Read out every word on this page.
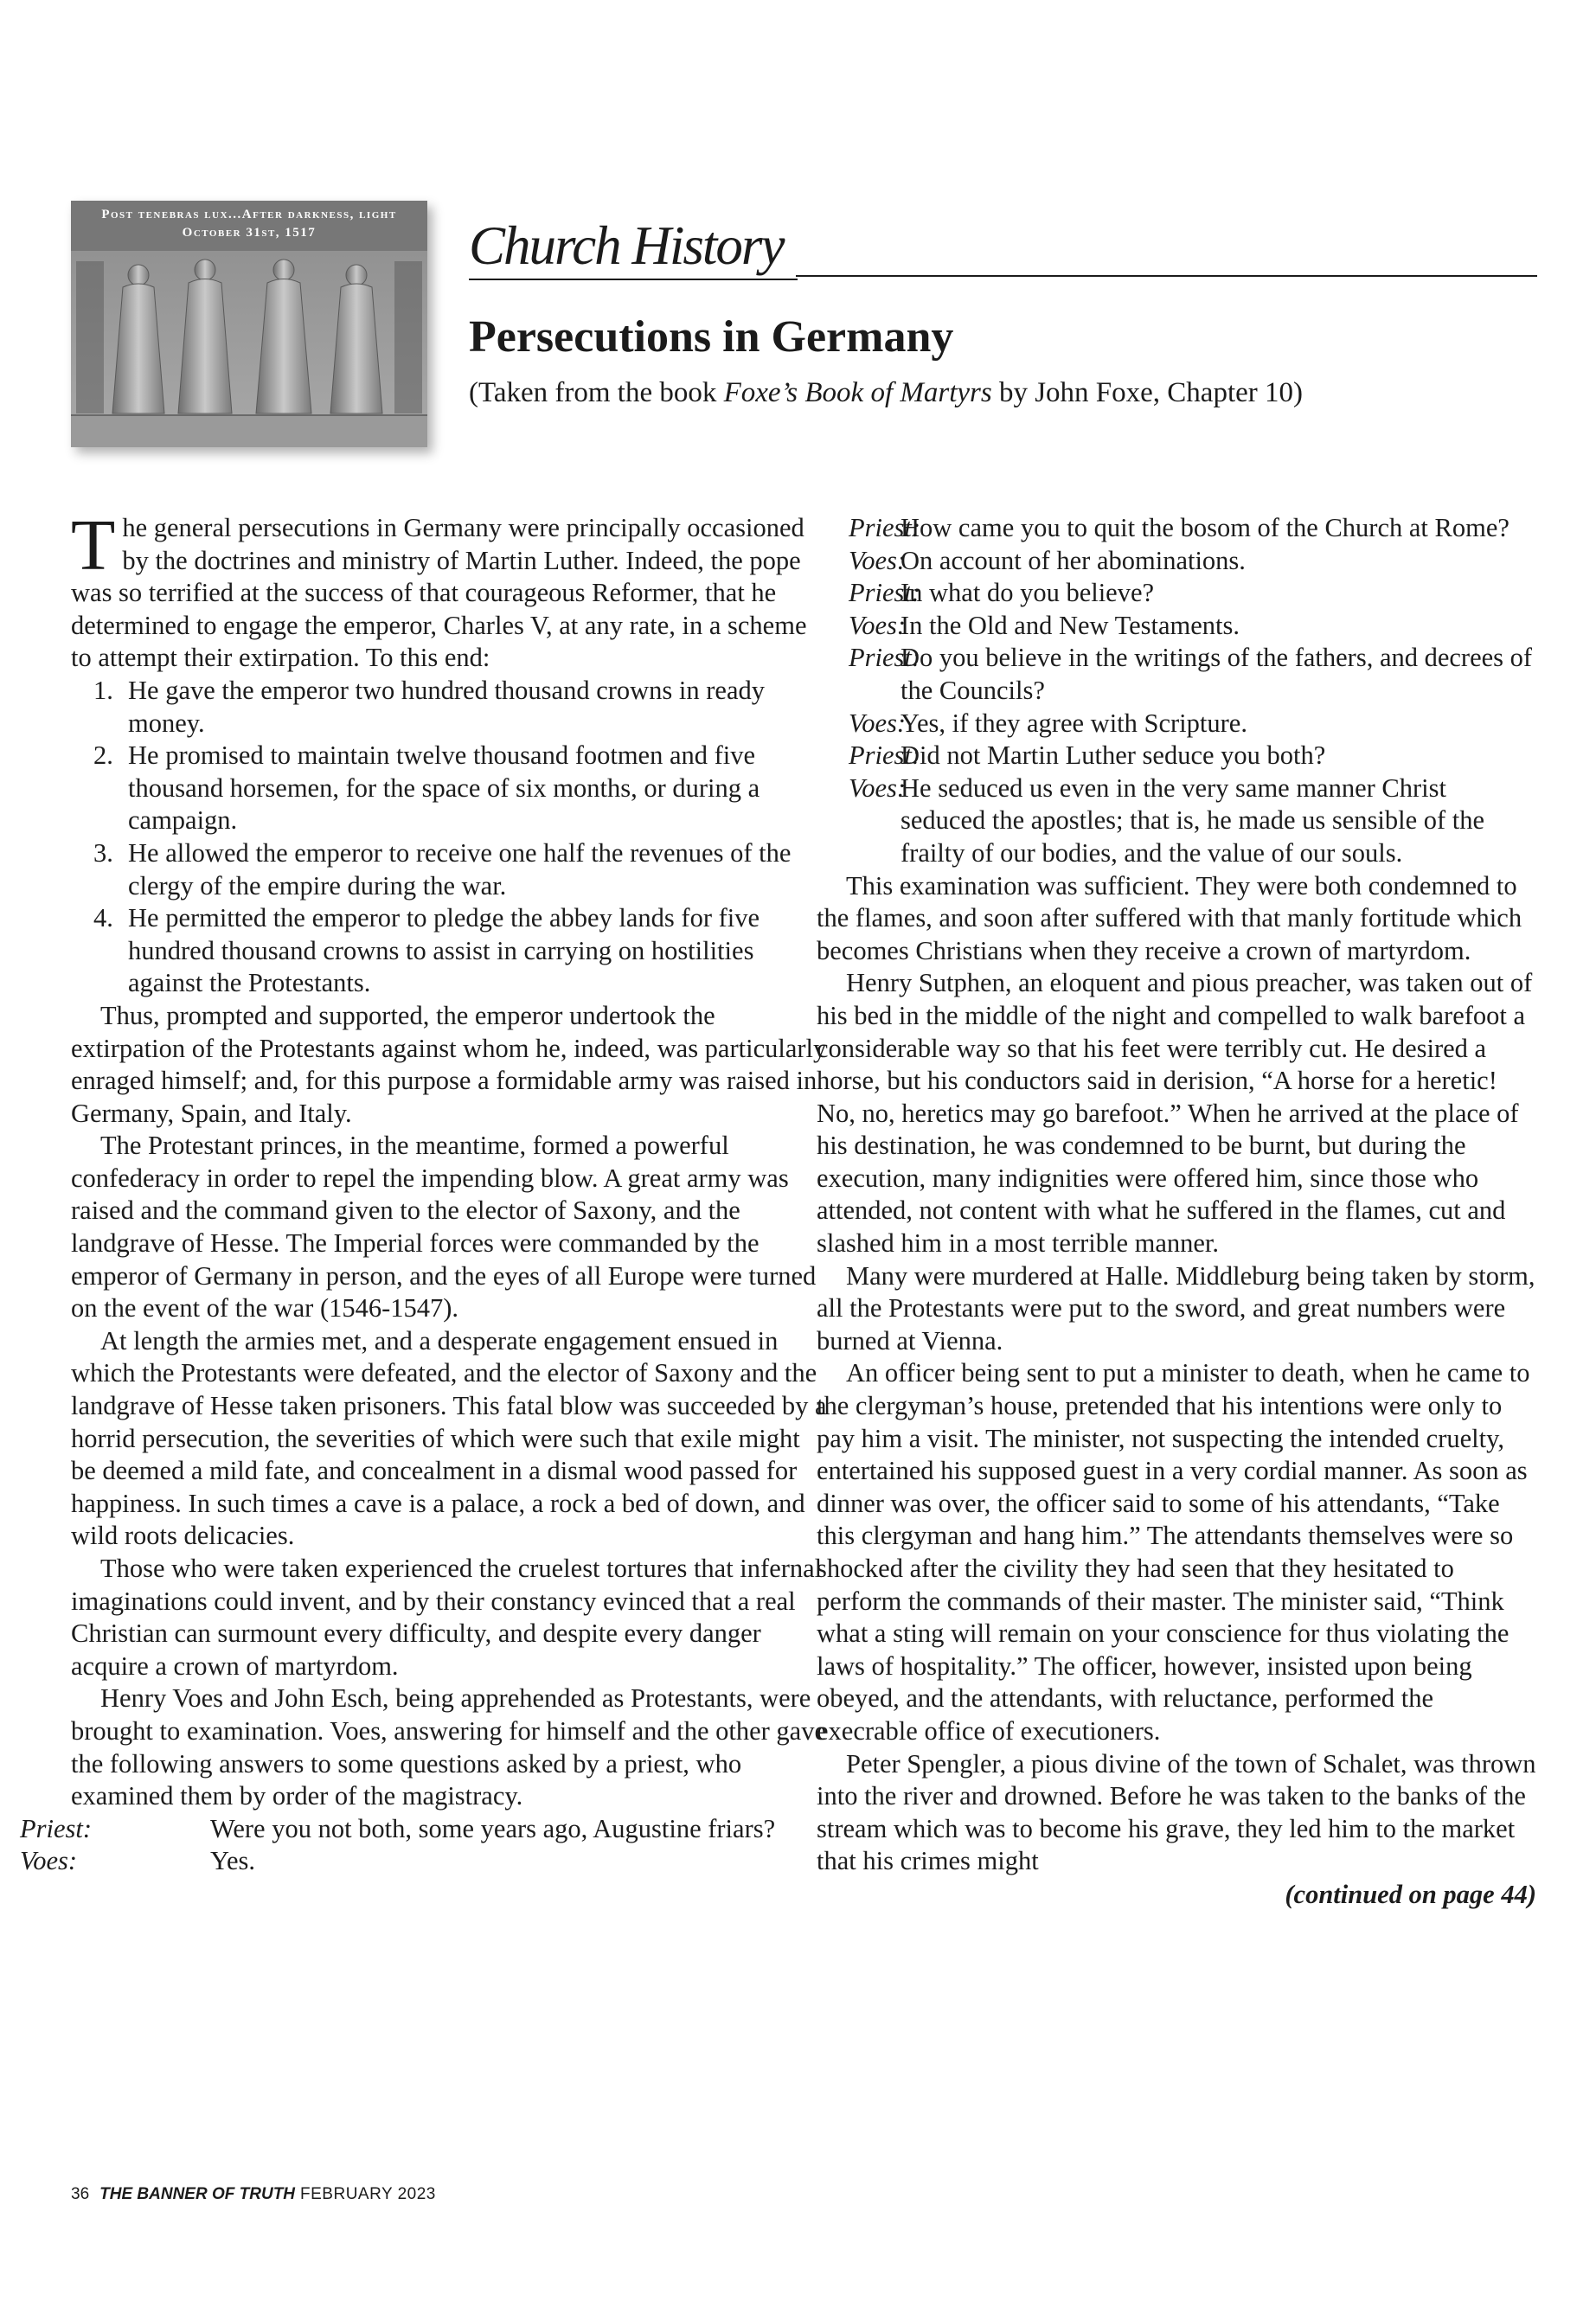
Post tenebras lux...After darkness, light
October 31st, 1517	Church History
Persecutions in Germany
(Taken from the book Foxe’s Book of Martyrs by John Foxe, Chapter 10)

The general persecutions in Germany were principally occasioned by the doctrines and ministry of Martin Luther. Indeed, the pope was so terrified at the success of that courageous Reformer, that he determined to engage the emperor, Charles V, at any rate, in a scheme to attempt their extirpation. To this end:

1. He gave the emperor two hundred thousand crowns in ready money.
2. He promised to maintain twelve thousand footmen and five thousand horsemen, for the space of six months, or during a campaign.
3. He allowed the emperor to receive one half the revenues of the clergy of the empire during the war.
4. He permitted the emperor to pledge the abbey lands for five hundred thousand crowns to assist in carrying on hostilities against the Protestants.

Thus, prompted and supported, the emperor undertook the extirpation of the Protestants against whom he, indeed, was particularly enraged himself; and, for this purpose a formidable army was raised in Germany, Spain, and Italy.

The Protestant princes, in the meantime, formed a powerful confederacy in order to repel the impending blow. A great army was raised and the command given to the elector of Saxony, and the landgrave of Hesse. The Imperial forces were commanded by the emperor of Germany in person, and the eyes of all Europe were turned on the event of the war (1546-1547).

At length the armies met, and a desperate engagement ensued in which the Protestants were defeated, and the elector of Saxony and the landgrave of Hesse taken prisoners. This fatal blow was succeeded by a horrid persecution, the severities of which were such that exile might be deemed a mild fate, and concealment in a dismal wood passed for happiness. In such times a cave is a palace, a rock a bed of down, and wild roots delicacies.

Those who were taken experienced the cruelest tortures that infernal imaginations could invent, and by their constancy evinced that a real Christian can surmount every difficulty, and despite every danger acquire a crown of martyrdom.

Henry Voes and John Esch, being apprehended as Protestants, were brought to examination. Voes, answering for himself and the other gave the following answers to some questions asked by a priest, who examined them by order of the magistracy.

Priest:	Were you not both, some years ago, Augustine friars?
Voes:	Yes.
Priest:
How came you to quit the bosom of the Church at Rome?
Voes:
On account of her abominations.
Priest:
In what do you believe?
Voes:
In the Old and New Testaments.
Priest:
Do you believe in the writings of the fathers, and decrees of the Councils?
Voes:
Yes, if they agree with Scripture.
Priest:
Did not Martin Luther seduce you both?
Voes:
He seduced us even in the very same manner Christ seduced the apostles; that is, he made us sensible of the frailty of our bodies, and the value of our souls.

This examination was sufficient. They were both condemned to the flames, and soon after suffered with that manly fortitude which becomes Christians when they receive a crown of martyrdom.

Henry Sutphen, an eloquent and pious preacher, was taken out of his bed in the middle of the night and compelled to walk barefoot a considerable way so that his feet were terribly cut. He desired a horse, but his conductors said in derision, “A horse for a heretic! No, no, heretics may go barefoot.” When he arrived at the place of his destination, he was condemned to be burnt, but during the execution, many indignities were offered him, since those who attended, not content with what he suffered in the flames, cut and slashed him in a most terrible manner.

Many were murdered at Halle. Middleburg being taken by storm, all the Protestants were put to the sword, and great numbers were burned at Vienna.

An officer being sent to put a minister to death, when he came to the clergyman’s house, pretended that his intentions were only to pay him a visit. The minister, not suspecting the intended cruelty, entertained his supposed guest in a very cordial manner. As soon as dinner was over, the officer said to some of his attendants, “Take this clergyman and hang him.” The attendants themselves were so shocked after the civility they had seen that they hesitated to perform the commands of their master. The minister said, “Think what a sting will remain on your conscience for thus violating the laws of hospitality.” The officer, however, insisted upon being obeyed, and the attendants, with reluctance, performed the execrable office of executioners.

Peter Spengler, a pious divine of the town of Schalet, was thrown into the river and drowned. Before he was taken to the banks of the stream which was to become his grave, they led him to the market that his crimes might

(continued on page 44)
36 THE BANNER OF TRUTH FEBRUARY 2023
